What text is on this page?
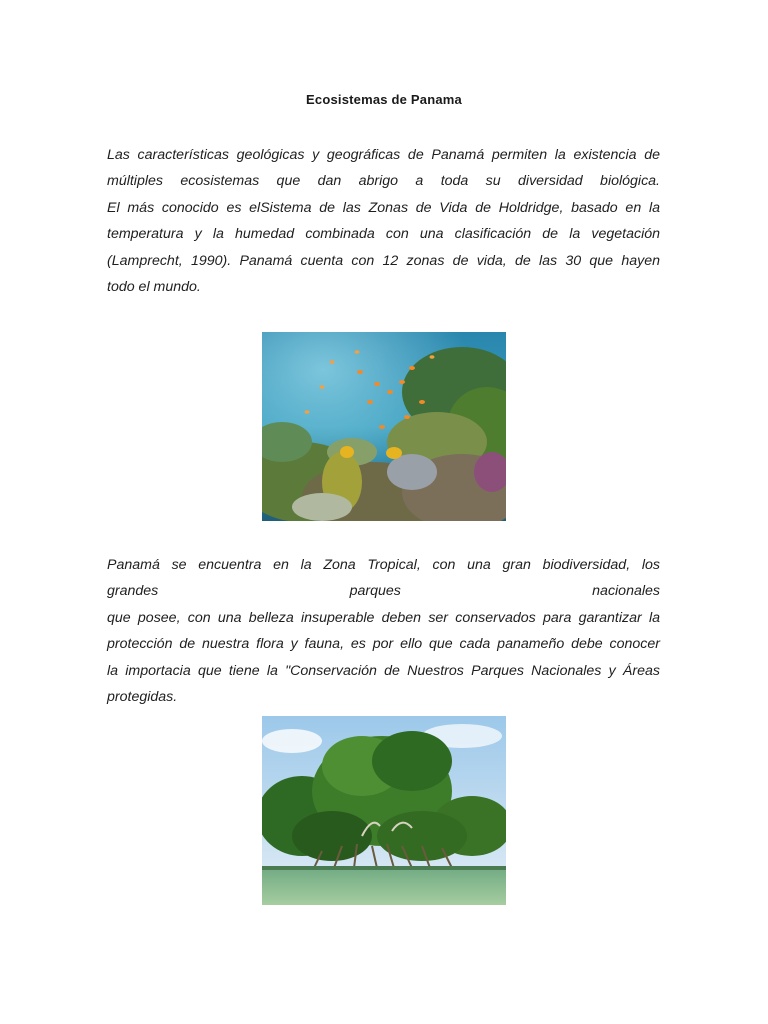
Ecosistemas de Panama

Las características geológicas y geográficas de Panamá permiten la existencia de
múltiples ecosistemas que dan abrigo a toda su diversidad biológica.
El más conocido es elSistema de las Zonas de Vida de Holdridge, basado en la
temperatura y la humedad combinada con una clasificación de la vegetación
(Lamprecht, 1990). Panamá cuenta con 12 zonas de vida, de las 30 que hayen
todo el mundo.

Panamá se encuentra en la Zona Tropical, con una gran biodiversidad, los
grandes parques nacionales
que posee, con una belleza insuperable deben ser conservados para garantizar la
protección de nuestra flora y fauna, es por ello que cada panameño debe conocer
la importacia que tiene la "Conservación de Nuestros Parques Nacionales y Áreas
protegidas.
